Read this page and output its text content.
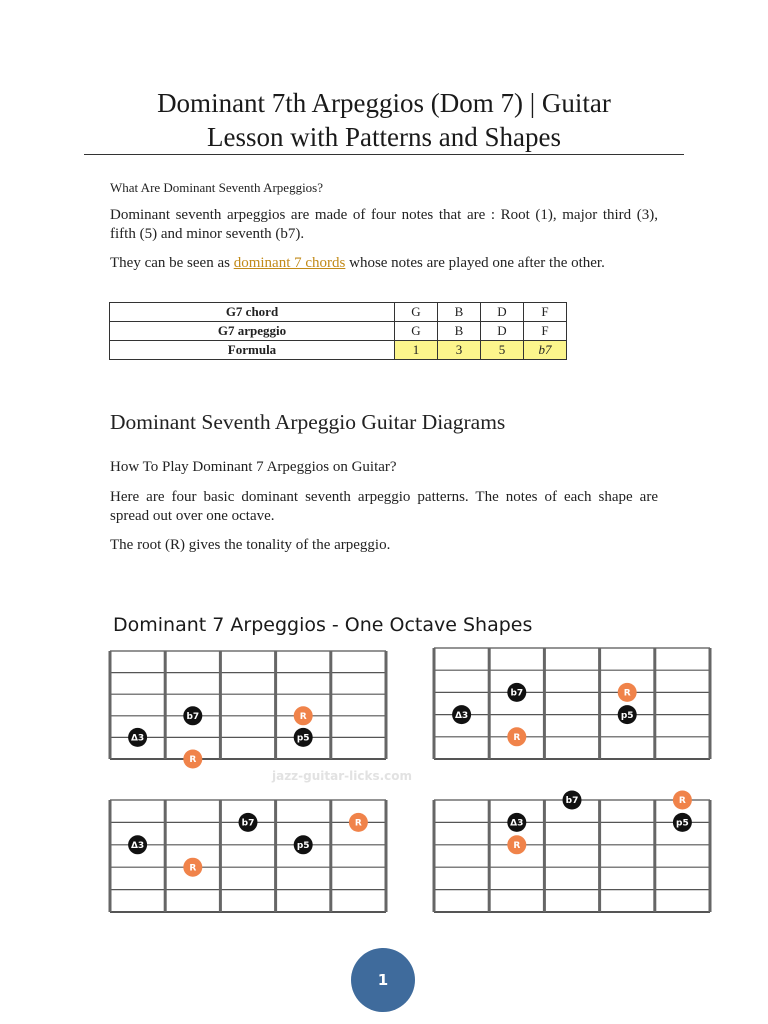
Dominant 7th Arpeggios (Dom 7) | Guitar
Lesson with Patterns and Shapes

What Are Dominant Seventh Arpeggios?

Dominant seventh arpeggios are made of four notes that are : Root (1), major third (3), fifth (5) and minor seventh (b7).

They can be seen as dominant 7 chords whose notes are played one after the other.

G7 chord	G	B	D	F
G7 arpeggio	G	B	D	F
Formula	1	3	5	b7
Dominant Seventh Arpeggio Guitar Diagrams

How To Play Dominant 7 Arpeggios on Guitar?

Here are four basic dominant seventh arpeggio patterns. The notes of each shape are spread out over one octave.

The root (R) gives the tonality of the arpeggio.

Dominant 7 Arpeggios - One Octave Shapes
b7	R
Δ3	p5
R
b7	R
Δ3	p5
R
b7	R
Δ3	p5
R
b7	R
Δ3	p5
R
jazz-guitar-licks.com
1
